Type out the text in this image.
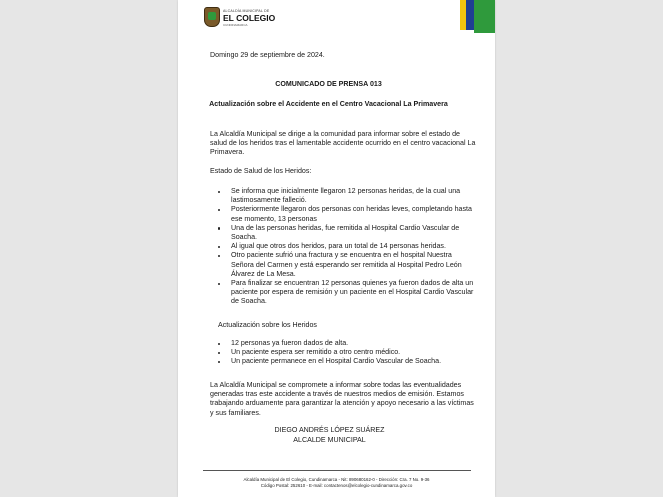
ALCALDÍA MUNICIPAL DE
EL COLEGIO
CUNDINAMARCA
Domingo 29 de septiembre de 2024.
COMUNICADO DE PRENSA 013
Actualización sobre el Accidente en el Centro Vacacional La Primavera
La Alcaldía Municipal se dirige a la comunidad para informar sobre el estado de
salud de los heridos tras el lamentable accidente ocurrido en el centro vacacional La
Primavera.
Estado de Salud de los Heridos:
Se informa que inicialmente llegaron 12 personas heridas, de la cual una
lastimosamente falleció.
Posteriormente llegaron dos personas con heridas leves, completando hasta
ese momento, 13 personas
Una de las personas heridas, fue remitida al Hospital Cardio Vascular de
Soacha.
Al igual que otros dos heridos, para un total de 14 personas heridas.
Otro paciente sufrió una fractura y se encuentra en el hospital Nuestra
Señora del Carmen y está esperando ser remitida al Hospital Pedro León
Álvarez de La Mesa.
Para finalizar se encuentran 12 personas quienes ya fueron dados de alta un
paciente por espera de remisión y un paciente en el Hospital Cardio Vascular
de Soacha.
Actualización sobre los Heridos
12 personas ya fueron dados de alta.
Un paciente espera ser remitido a otro centro médico.
Un paciente permanece en el Hospital Cardio Vascular de Soacha.
La Alcaldía Municipal se compromete a informar sobre todas las eventualidades
generadas tras este accidente a través de nuestros medios de emisión. Estamos
trabajando arduamente para garantizar la atención y apoyo necesario a las víctimas
y sus familiares.
DIEGO ANDRÉS LÓPEZ SUÁREZ
ALCALDE MUNICIPAL
Alcaldía Municipal de El Colegio, Cundinamarca - Nit: 890680162-0 - Dirección: Cra. 7 No. 9-36
Código Postal: 252610 - E-mail: contactenos@elcolegio-cundinamarca.gov.co
